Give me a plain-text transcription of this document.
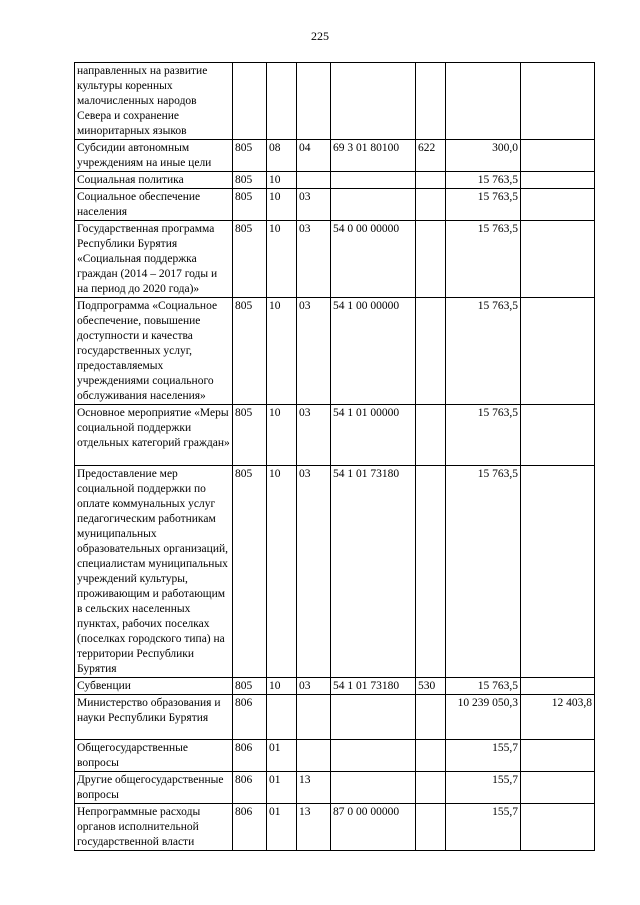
225
направленных на развитие культуры коренных малочисленных народов Севера и сохранение миноритарных языков							
Субсидии автономным учреждениям на иные цели	805	08	04	69 3 01 80100	622	300,0	
Социальная политика	805	10				15 763,5	
Социальное обеспечение населения	805	10	03			15 763,5	
Государственная программа Республики Бурятия «Социальная поддержка граждан (2014 – 2017 годы и на период до 2020 года)»	805	10	03	54 0 00 00000		15 763,5	
Подпрограмма «Социальное обеспечение, повышение доступности и качества государственных услуг, предоставляемых учреждениями социального обслуживания населения»	805	10	03	54 1 00 00000		15 763,5	
Основное мероприятие «Меры социальной поддержки отдельных категорий граждан»	805	10	03	54 1 01 00000		15 763,5	
Предоставление мер социальной поддержки по оплате коммунальных услуг педагогическим работникам муниципальных образовательных организаций, специалистам муниципальных учреждений культуры, проживающим и работающим в сельских населенных пунктах, рабочих поселках (поселках городского типа) на территории Республики Бурятия	805	10	03	54 1 01 73180		15 763,5	
Субвенции	805	10	03	54 1 01 73180	530	15 763,5	
Министерство образования и науки Республики Бурятия	806					10 239 050,3	12 403,8
Общегосударственные вопросы	806	01				155,7	
Другие общегосударственные вопросы	806	01	13			155,7	
Непрограммные расходы органов исполнительной государственной власти	806	01	13	87 0 00 00000		155,7	
